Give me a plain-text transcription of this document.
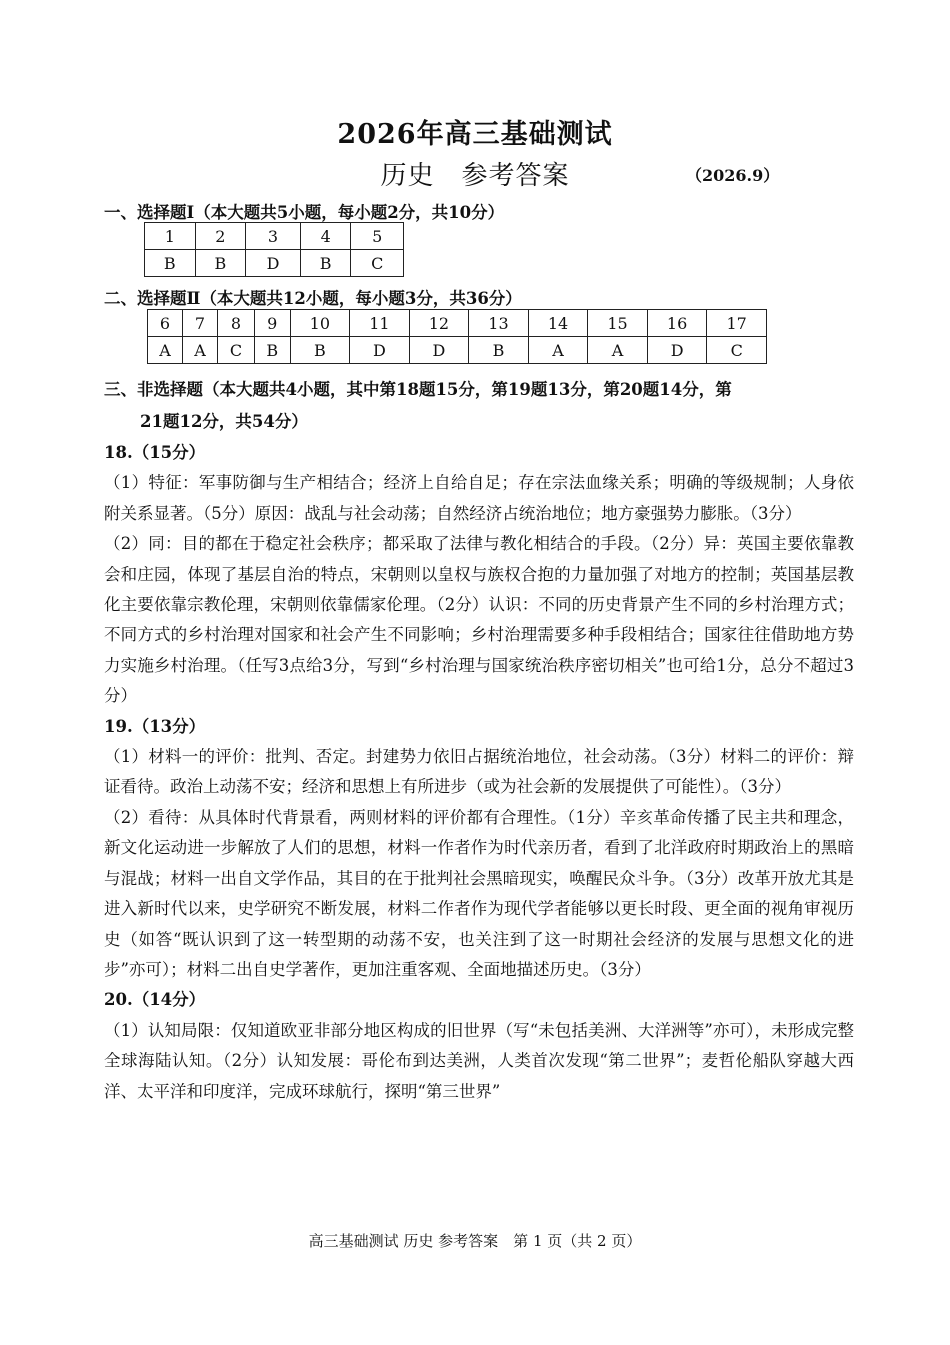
2026年高三基础测试
历史　参考答案	（2026.9）
一、选择题Ⅰ（本大题共5小题，每小题2分，共10分）
1	2	3	4	5
B	B	D	B	C
二、选择题Ⅱ（本大题共12小题，每小题3分，共36分）
6	7	8	9	10	11	12	13	14	15	16	17
A	A	C	B	B	D	D	B	A	A	D	C
三、非选择题（本大题共4小题，其中第18题15分，第19题13分，第20题14分，第
21题12分，共54分）

18.（15分）

（1）特征：军事防御与生产相结合；经济上自给自足；存在宗法血缘关系；明确的等级规制；人身依附关系显著。（5分）原因：战乱与社会动荡；自然经济占统治地位；地方豪强势力膨胀。（3分）

（2）同：目的都在于稳定社会秩序；都采取了法律与教化相结合的手段。（2分）异：英国主要依靠教会和庄园，体现了基层自治的特点，宋朝则以皇权与族权合抱的力量加强了对地方的控制；英国基层教化主要依靠宗教伦理，宋朝则依靠儒家伦理。（2分）认识：不同的历史背景产生不同的乡村治理方式；不同方式的乡村治理对国家和社会产生不同影响；乡村治理需要多种手段相结合；国家往往借助地方势力实施乡村治理。（任写3点给3分，写到“乡村治理与国家统治秩序密切相关”也可给1分，总分不超过3分）

19.（13分）

（1）材料一的评价：批判、否定。封建势力依旧占据统治地位，社会动荡。（3分）材料二的评价：辩证看待。政治上动荡不安；经济和思想上有所进步（或为社会新的发展提供了可能性）。（3分）

（2）看待：从具体时代背景看，两则材料的评价都有合理性。（1分）辛亥革命传播了民主共和理念，新文化运动进一步解放了人们的思想，材料一作者作为时代亲历者，看到了北洋政府时期政治上的黑暗与混战；材料一出自文学作品，其目的在于批判社会黑暗现实，唤醒民众斗争。（3分）改革开放尤其是进入新时代以来，史学研究不断发展，材料二作者作为现代学者能够以更长时段、更全面的视角审视历史（如答“既认识到了这一转型期的动荡不安，也关注到了这一时期社会经济的发展与思想文化的进步”亦可）；材料二出自史学著作，更加注重客观、全面地描述历史。（3分）

20.（14分）

（1）认知局限：仅知道欧亚非部分地区构成的旧世界（写“未包括美洲、大洋洲等”亦可），未形成完整全球海陆认知。（2分）认知发展：哥伦布到达美洲，人类首次发现“第二世界”；麦哲伦船队穿越大西洋、太平洋和印度洋，完成环球航行，探明“第三世界”

高三基础测试 历史 参考答案　第 1 页（共 2 页）
